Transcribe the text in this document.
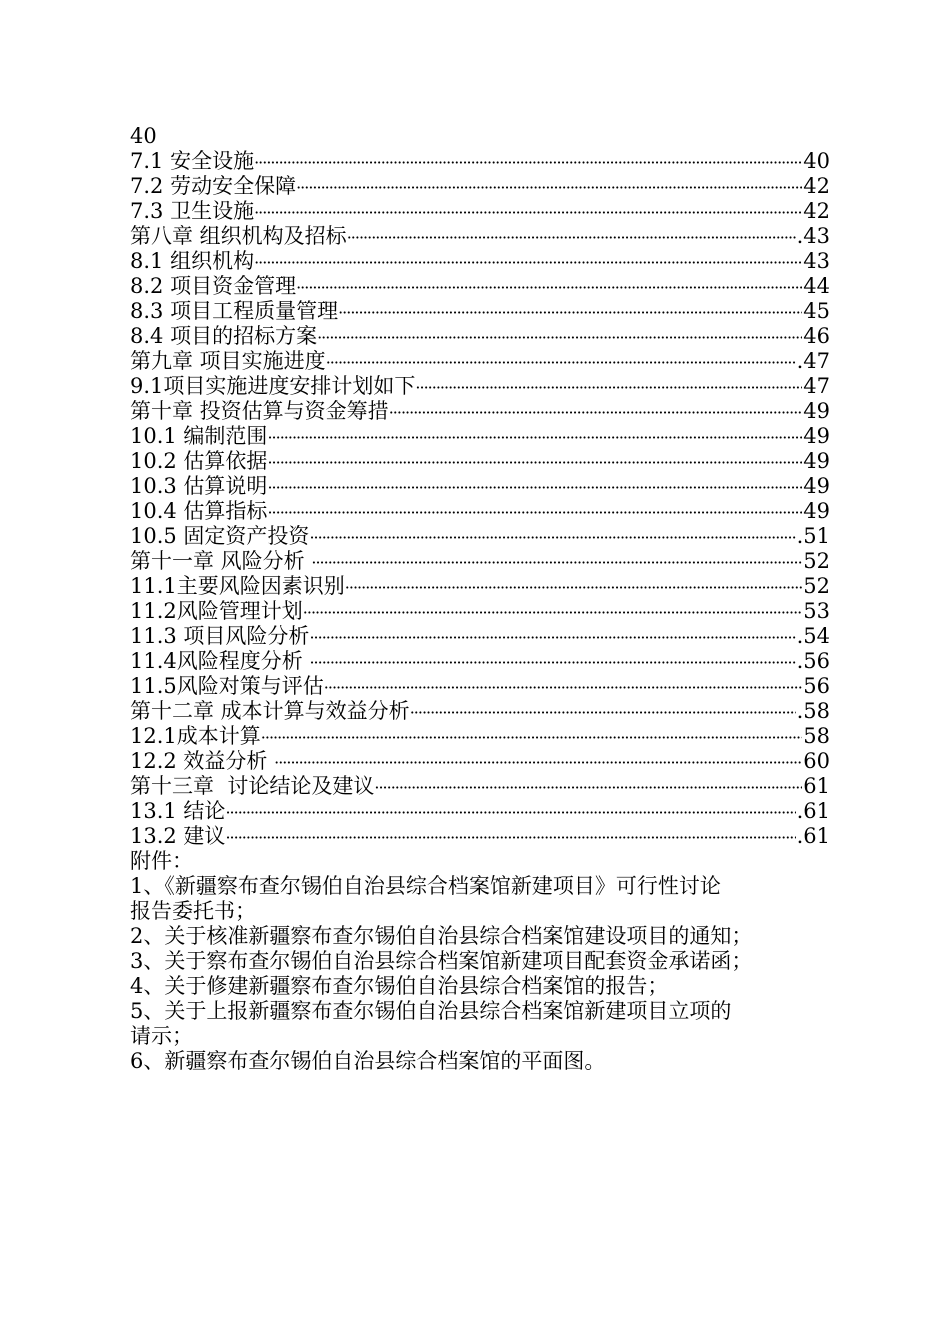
40
7.1 安全设施 ·····	40
7.2 劳动安全保障 ·····	42
7.3 卫生设施 ·····	42
第八章 组织机构及招标 ·····	.43
8.1 组织机构 ·····	43
8.2 项目资金管理 ·····	44
8.3 项目工程质量管理 ·····	45
8.4 项目的招标方案 ·····	46
第九章 项目实施进度 ·····	.47
9.1项目实施进度安排计划如下 ·····	47
第十章 投资估算与资金筹措 ·····	49
10.1 编制范围 ·····	49
10.2 估算依据 ·····	49
10.3 估算说明 ·····	49
10.4 估算指标 ·····	49
10.5 固定资产投资 ·····	.51
第十一章 风险分析 ·····	52
11.1主要风险因素识别 ·····	52
11.2风险管理计划 ·····	53
11.3 项目风险分析 ·····	.54
11.4风险程度分析 ·····	.56
11.5风险对策与评估 ·····	56
第十二章 成本计算与效益分析 ·····	.58
12.1成本计算 ·····	58
12.2 效益分析 ·····	60
第十三章  讨论结论及建议 ·····	61
13.1 结论 ·····	.61
13.2 建议 ·····	.61
附件：
1、《新疆察布查尔锡伯自治县综合档案馆新建项目》可行性讨论
报告委托书；
2、关于核准新疆察布查尔锡伯自治县综合档案馆建设项目的通知；
3、关于察布查尔锡伯自治县综合档案馆新建项目配套资金承诺函；
4、关于修建新疆察布查尔锡伯自治县综合档案馆的报告；
5、关于上报新疆察布查尔锡伯自治县综合档案馆新建项目立项的
请示；
6、新疆察布查尔锡伯自治县综合档案馆的平面图。
